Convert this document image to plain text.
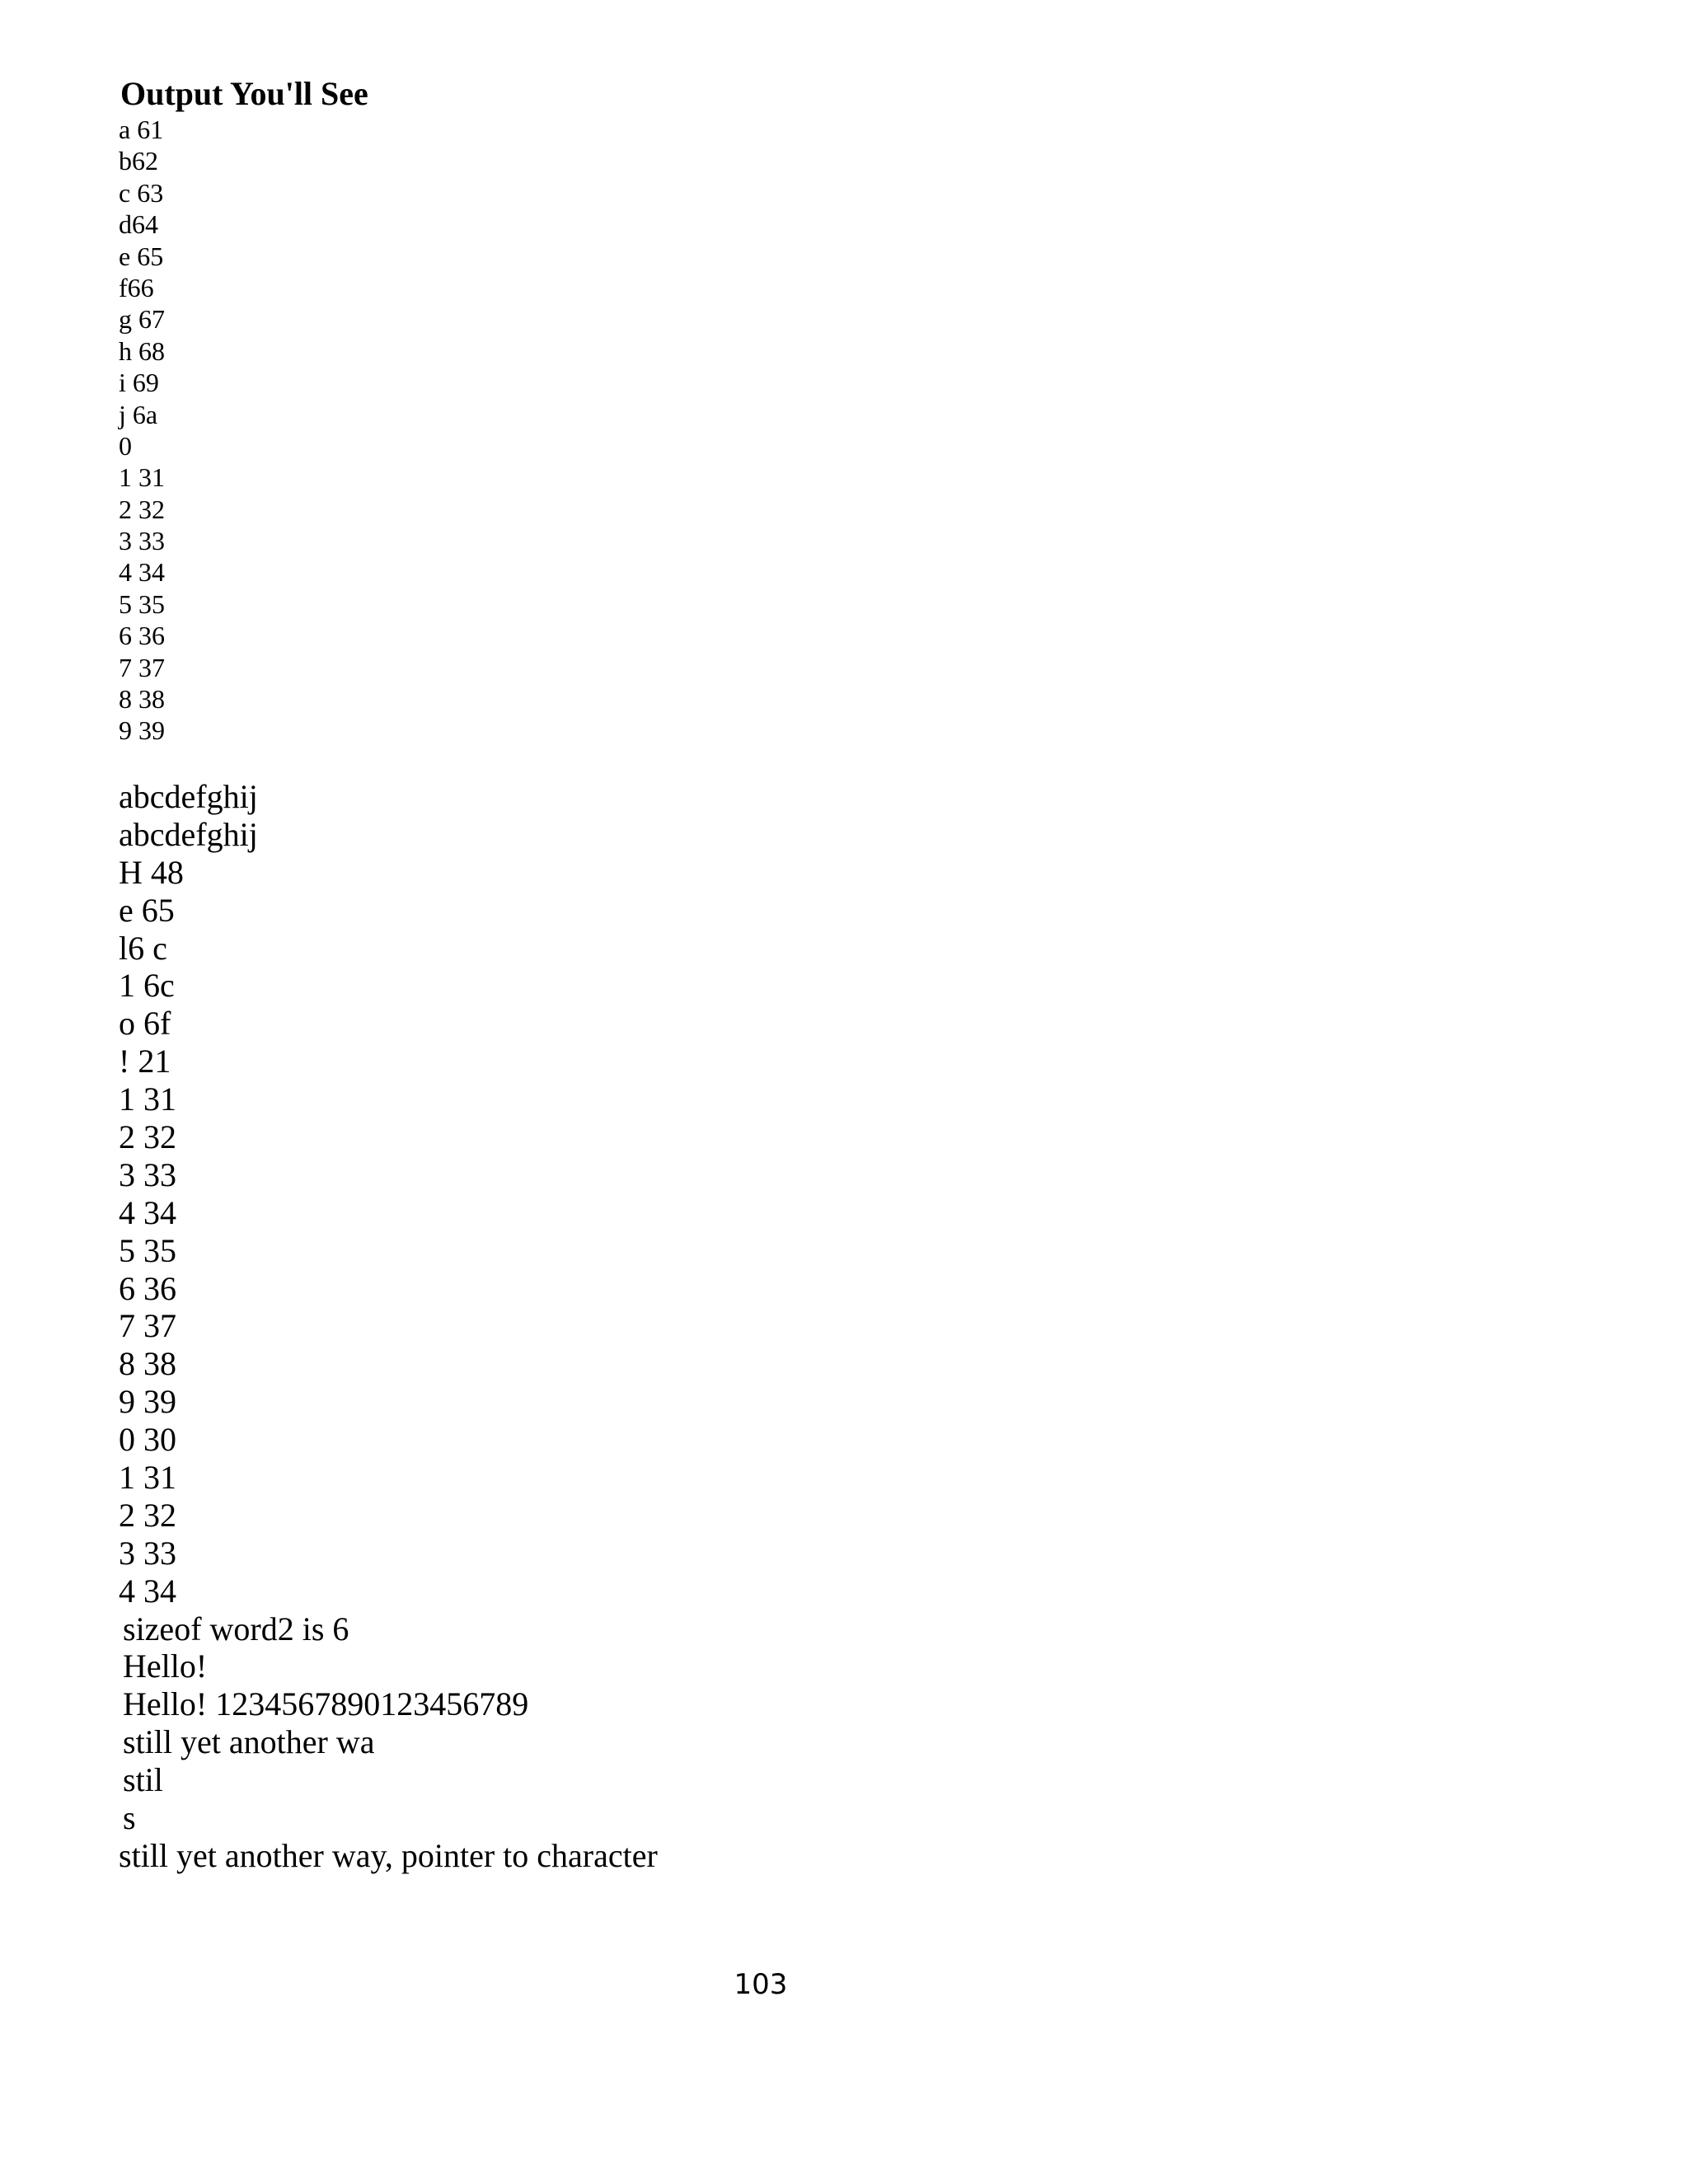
Output You'll See
a 61
b62
c 63
d64
e 65
f66
g 67
h 68
i 69
j 6a
0
1 31
2 32
3 33
4 34
5 35
6 36
7 37
8 38
9 39
abcdefghij
abcdefghij
H 48
e 65
l6 c
1 6c
o 6f
! 21
1 31
2 32
3 33
4 34
5 35
6 36
7 37
8 38
9 39
0 30
1 31
2 32
3 33
4 34
sizeof word2 is 6
Hello!
Hello! 1234567890123456789
still yet another wa
stil
s
still yet another way, pointer to character
103
